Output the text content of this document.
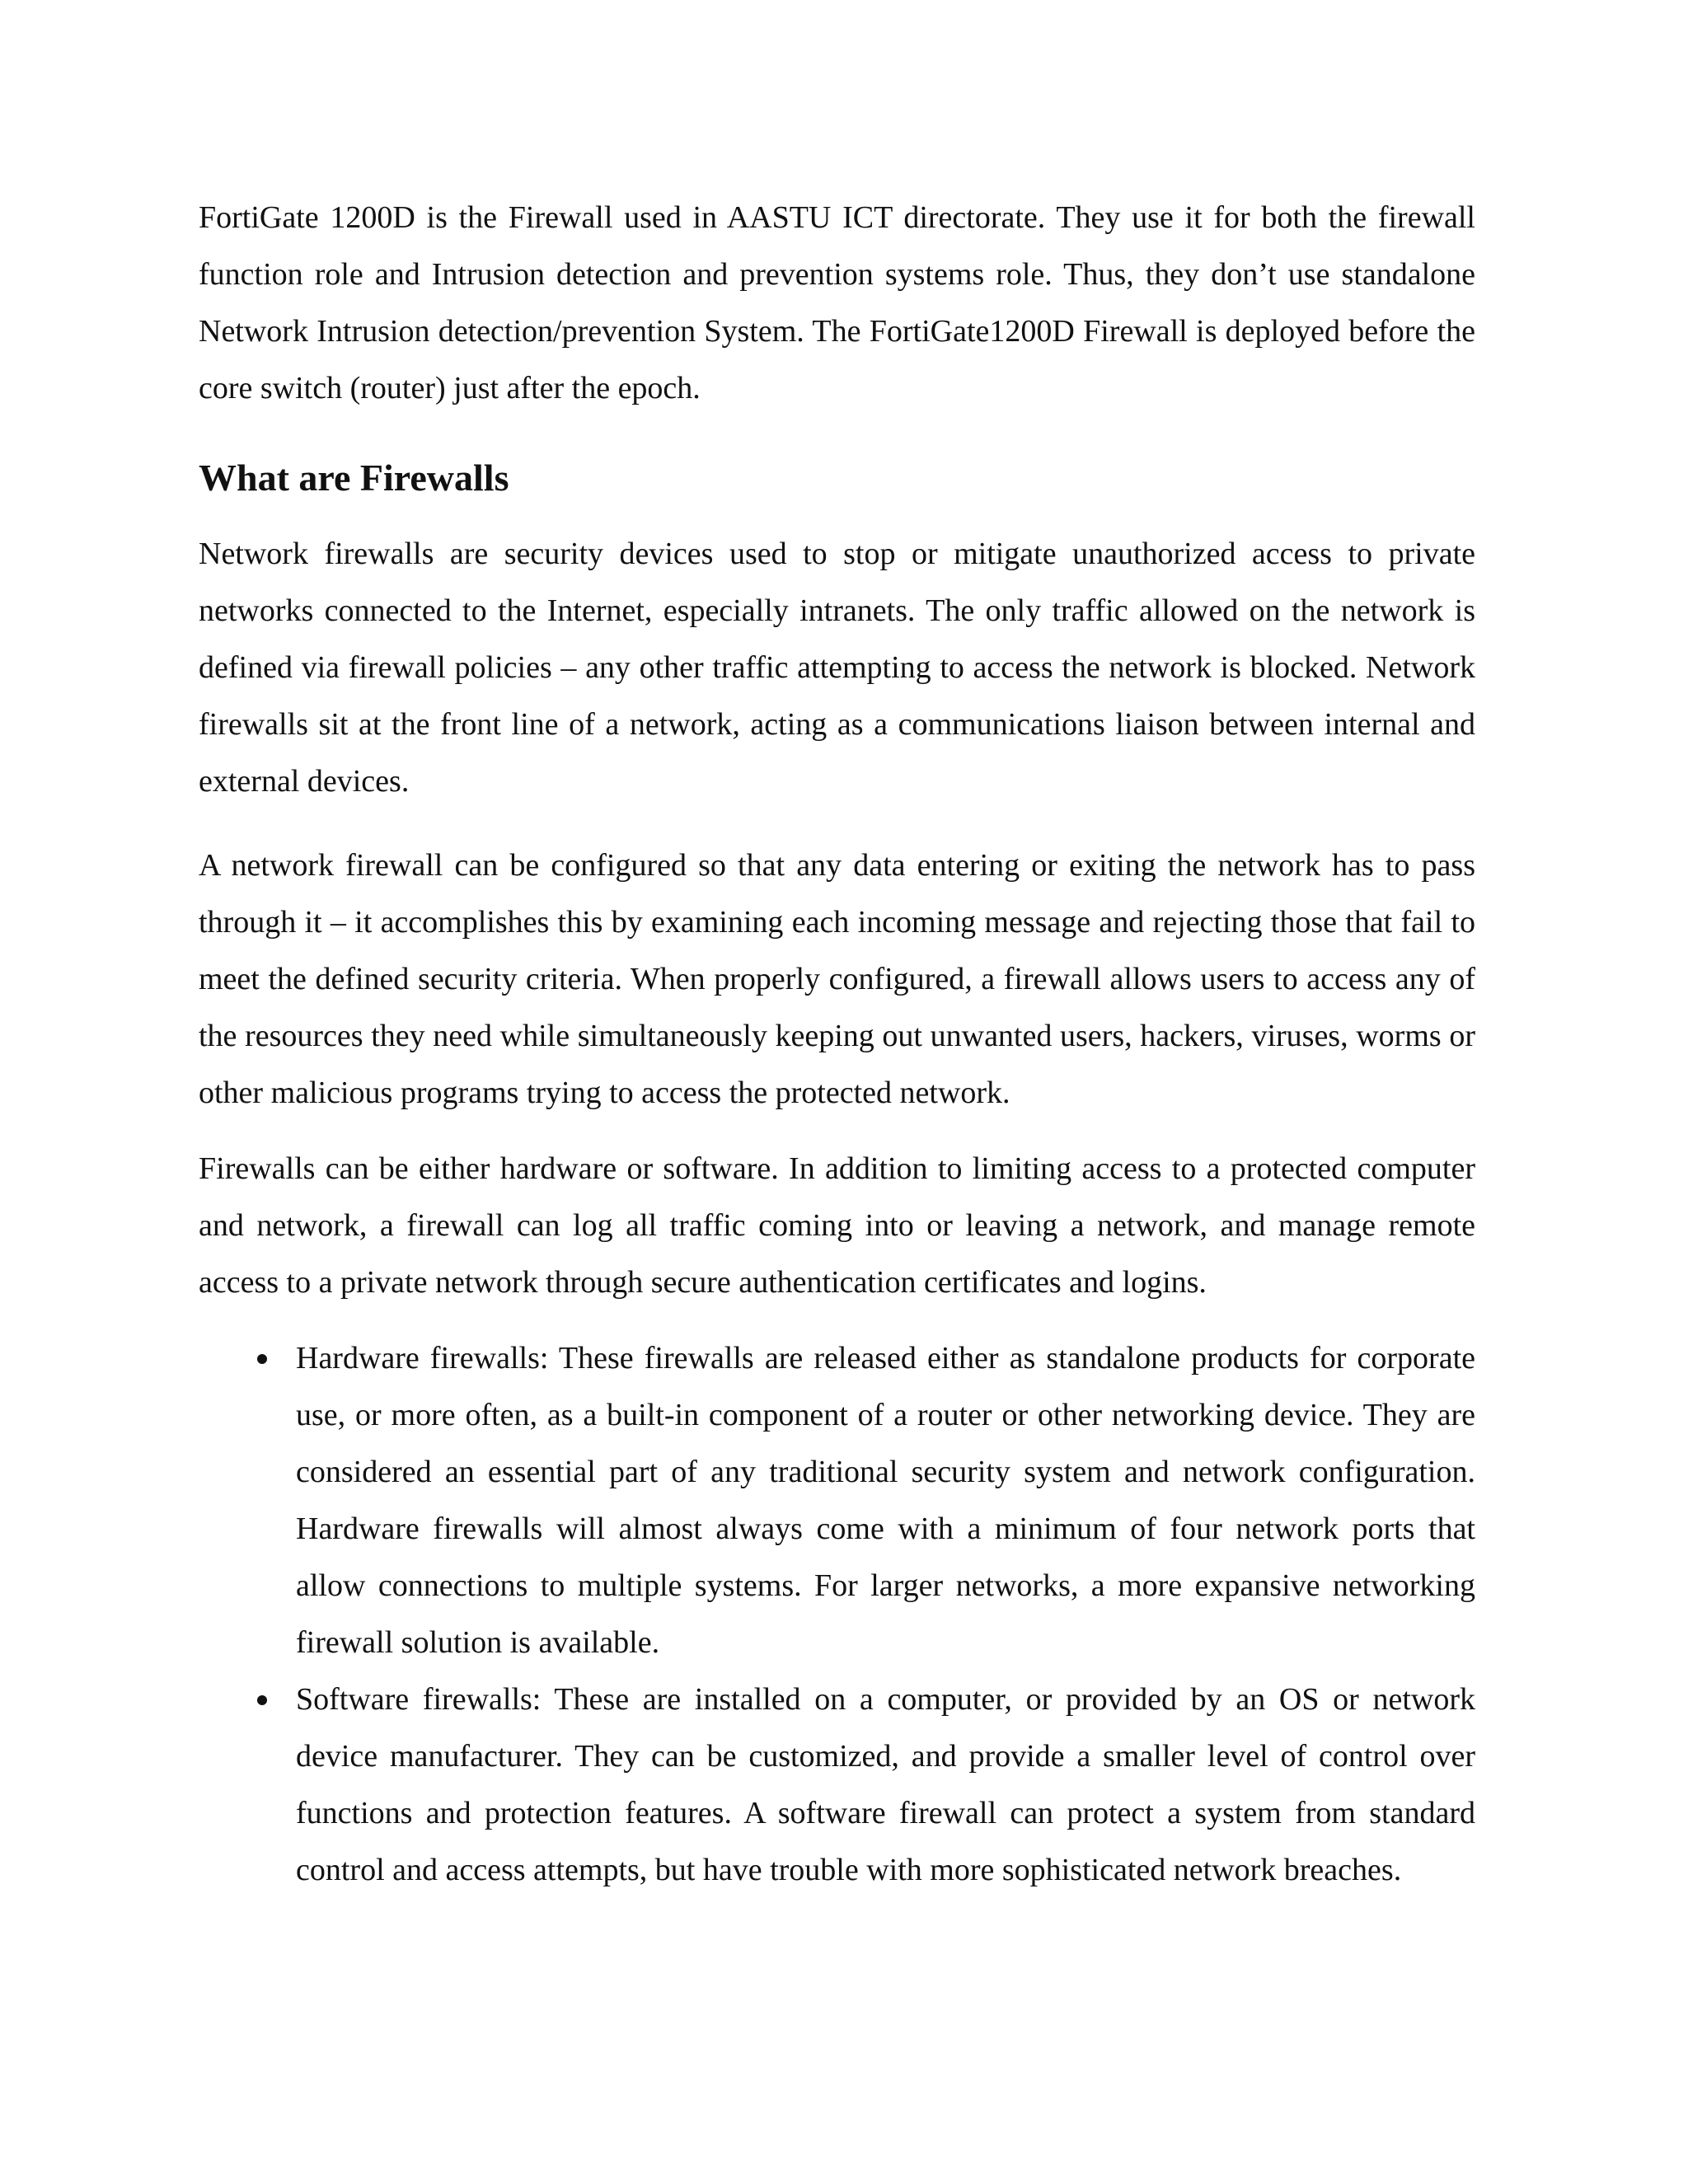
FortiGate 1200D is the Firewall used in AASTU ICT directorate. They use it for both the firewall function role and Intrusion detection and prevention systems role. Thus, they don’t use standalone Network Intrusion detection/prevention System. The FortiGate1200D Firewall is deployed before the core switch (router) just after the epoch.

What are Firewalls

Network firewalls are security devices used to stop or mitigate unauthorized access to private networks connected to the Internet, especially intranets. The only traffic allowed on the network is defined via firewall policies – any other traffic attempting to access the network is blocked. Network firewalls sit at the front line of a network, acting as a communications liaison between internal and external devices.

A network firewall can be configured so that any data entering or exiting the network has to pass through it – it accomplishes this by examining each incoming message and rejecting those that fail to meet the defined security criteria. When properly configured, a firewall allows users to access any of the resources they need while simultaneously keeping out unwanted users, hackers, viruses, worms or other malicious programs trying to access the protected network.

Firewalls can be either hardware or software. In addition to limiting access to a protected computer and network, a firewall can log all traffic coming into or leaving a network, and manage remote access to a private network through secure authentication certificates and logins.

Hardware firewalls: These firewalls are released either as standalone products for corporate use, or more often, as a built-in component of a router or other networking device. They are considered an essential part of any traditional security system and network configuration. Hardware firewalls will almost always come with a minimum of four network ports that allow connections to multiple systems. For larger networks, a more expansive networking firewall solution is available.
Software firewalls: These are installed on a computer, or provided by an OS or network device manufacturer. They can be customized, and provide a smaller level of control over functions and protection features. A software firewall can protect a system from standard control and access attempts, but have trouble with more sophisticated network breaches.
